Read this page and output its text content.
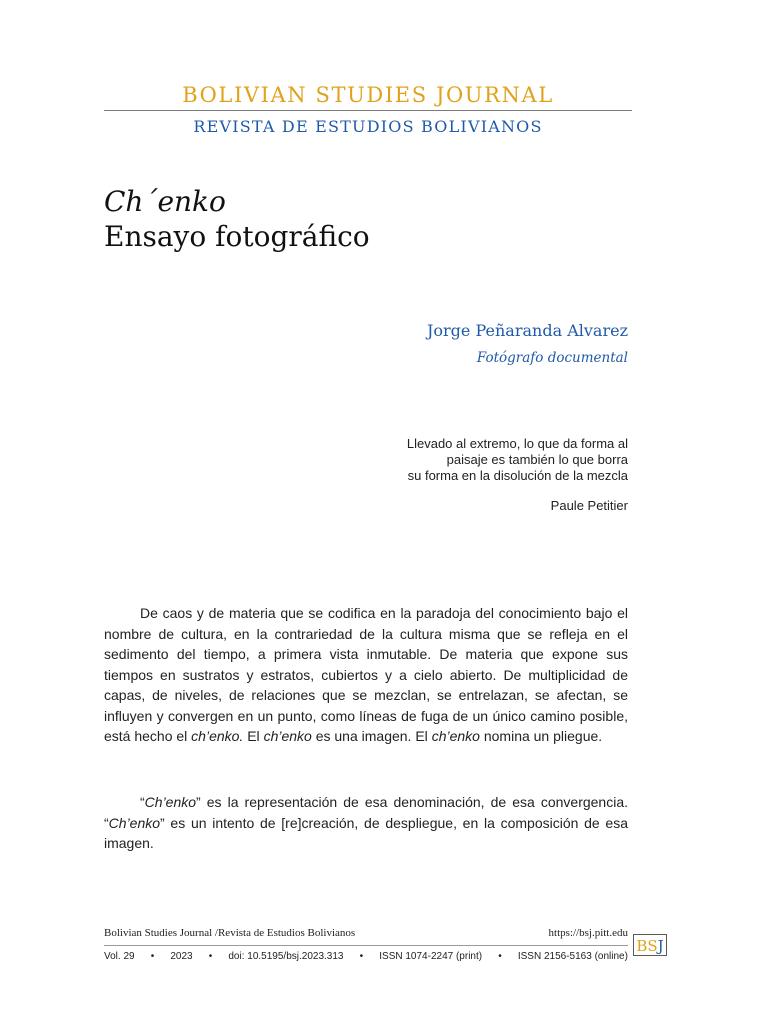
BOLIVIAN STUDIES JOURNAL
REVISTA DE ESTUDIOS BOLIVIANOS
Ch´enko
Ensayo fotográfico
Jorge Peñaranda Alvarez
Fotógrafo documental
Llevado al extremo, lo que da forma al
paisaje es también lo que borra
su forma en la disolución de la mezcla
Paule Petitier

De caos y de materia que se codifica en la paradoja del conocimiento bajo el nombre de cultura, en la contrariedad de la cultura misma que se refleja en el sedimento del tiempo, a primera vista inmutable. De materia que expone sus tiempos en sustratos y estratos, cubiertos y a cielo abierto. De multiplicidad de capas, de niveles, de relaciones que se mezclan, se entrelazan, se afectan, se influyen y convergen en un punto, como líneas de fuga de un único camino posible, está hecho el ch’enko. El ch’enko es una imagen. El ch’enko nomina un pliegue.

“Ch’enko” es la representación de esa denominación, de esa convergencia. “Ch’enko” es un intento de [re]creación, de despliegue, en la composición de esa imagen.

Bolivian Studies Journal /Revista de Estudios Bolivianos	https://bsj.pitt.edu
Vol. 29 • 2023 • doi: 10.5195/bsj.2023.313 • ISSN 1074-2247 (print) • ISSN 2156-5163 (online)
BSJ
